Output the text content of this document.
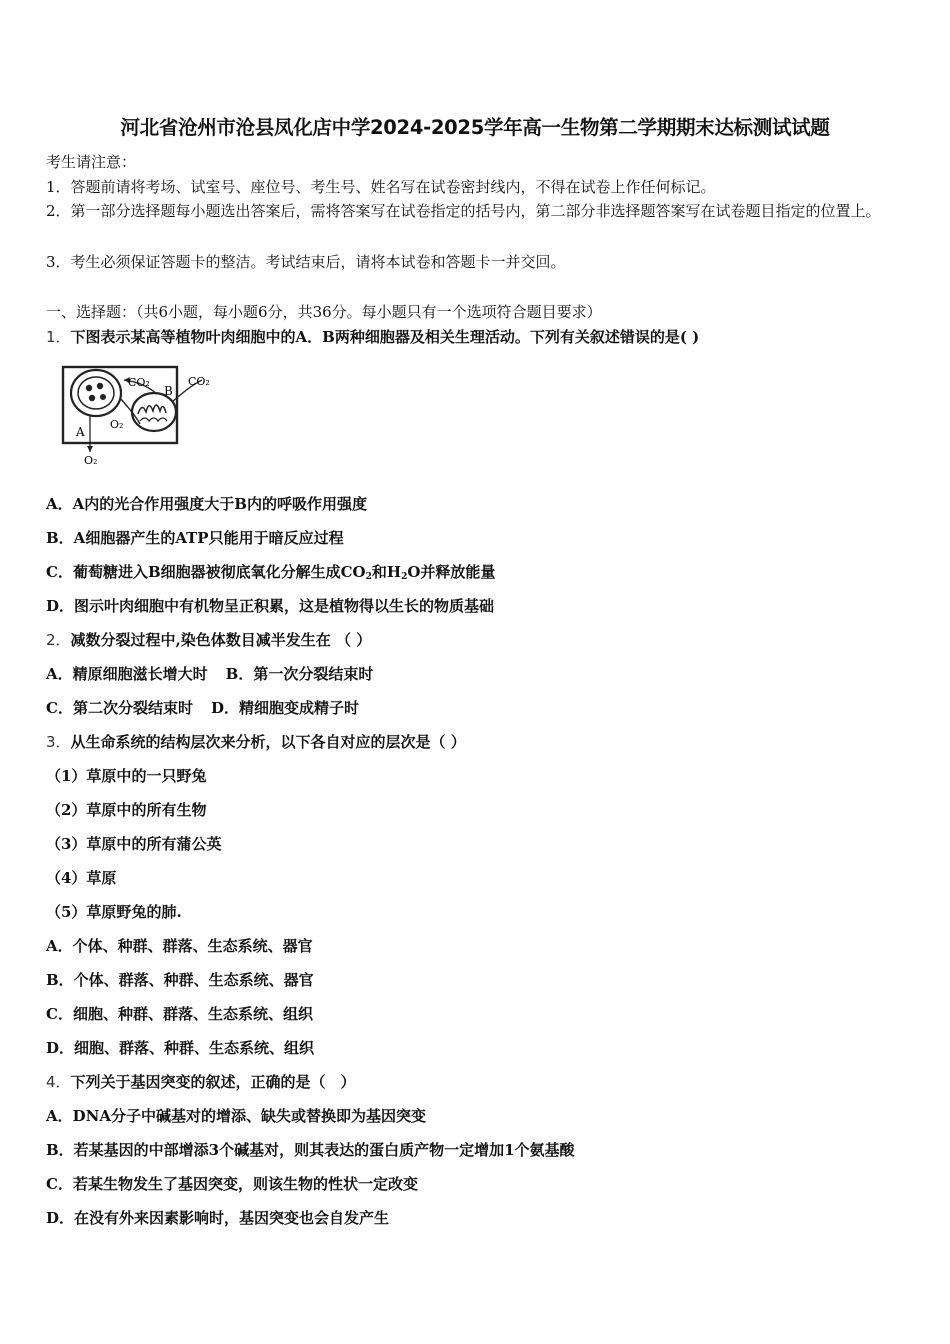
河北省沧州市沧县凤化店中学2024-2025学年高一生物第二学期期末达标测试试题
考生请注意：
1．答题前请将考场、试室号、座位号、考生号、姓名写在试卷密封线内，不得在试卷上作任何标记。
2．第一部分选择题每小题选出答案后，需将答案写在试卷指定的括号内，第二部分非选择题答案写在试卷题目指定的位置上。
3．考生必须保证答题卡的整洁。考试结束后，请将本试卷和答题卡一并交回。
一、选择题：（共6小题，每小题6分，共36分。每小题只有一个选项符合题目要求）
1．下图表示某高等植物叶肉细胞中的A．B两种细胞器及相关生理活动。下列有关叙述错误的是( )
CO₂
B
CO₂
A
O₂
O₂
A．A内的光合作用强度大于B内的呼吸作用强度
B．A细胞器产生的ATP只能用于暗反应过程
C．葡萄糖进入B细胞器被彻底氧化分解生成$CO_2$和$H_2O$并释放能量
D．图示叶肉细胞中有机物呈正积累，这是植物得以生长的物质基础
2．减数分裂过程中,染色体数目减半发生在 （ ）
A．精原细胞滋长增大时 B．第一次分裂结束时
C．第二次分裂结束时 D．精细胞变成精子时
3．从生命系统的结构层次来分析，以下各自对应的层次是（ ）
（1）草原中的一只野兔
（2）草原中的所有生物
（3）草原中的所有蒲公英
（4）草原
（5）草原野兔的肺.
A．个体、种群、群落、生态系统、器官
B．个体、群落、种群、生态系统、器官
C．细胞、种群、群落、生态系统、组织
D．细胞、群落、种群、生态系统、组织
4．下列关于基因突变的叙述，正确的是（　）
A．DNA分子中碱基对的增添、缺失或替换即为基因突变
B．若某基因的中部增添3个碱基对，则其表达的蛋白质产物一定增加1个氨基酸
C．若某生物发生了基因突变，则该生物的性状一定改变
D．在没有外来因素影响时，基因突变也会自发产生
